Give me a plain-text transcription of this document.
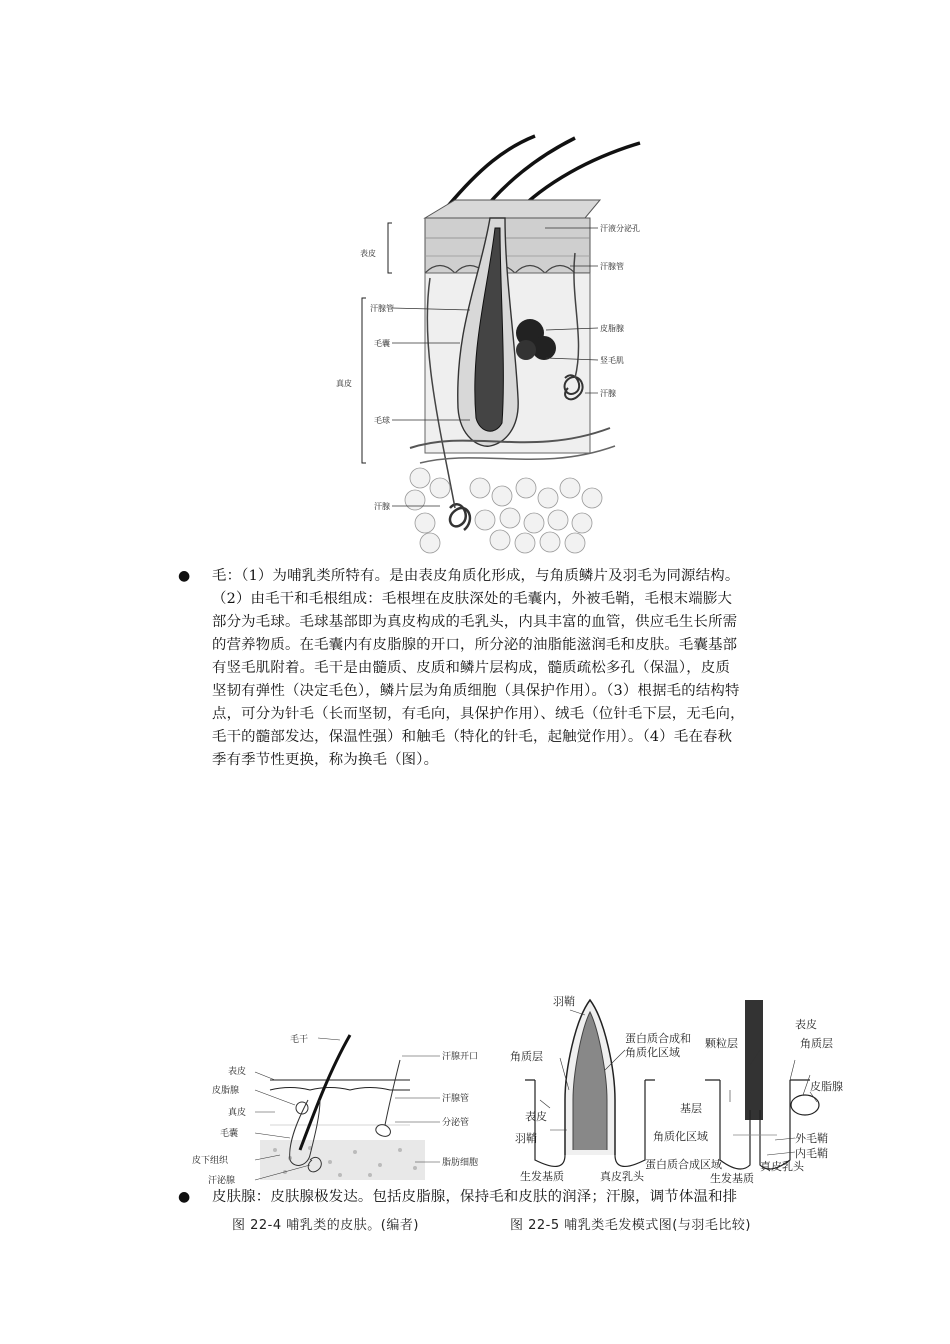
汗液分泌孔
表皮
汗腺管
汗腺管
皮脂腺
毛囊
竖毛肌
真皮
汗腺
毛球
汗腺
●	毛：（1）为哺乳类所特有。是由表皮角质化形成，与角质鳞片及羽毛为同源结构。
（2）由毛干和毛根组成：毛根埋在皮肤深处的毛囊内，外被毛鞘，毛根末端膨大
部分为毛球。毛球基部即为真皮构成的毛乳头，内具丰富的血管，供应毛生长所需
的营养物质。在毛囊内有皮脂腺的开口，所分泌的油脂能滋润毛和皮肤。毛囊基部
有竖毛肌附着。毛干是由髓质、皮质和鳞片层构成，髓质疏松多孔（保温），皮质
坚韧有弹性（决定毛色），鳞片层为角质细胞（具保护作用）。（3）根据毛的结构特
点，可分为针毛（长而坚韧，有毛向，具保护作用）、绒毛（位针毛下层，无毛向，
毛干的髓部发达，保温性强）和触毛（特化的针毛，起触觉作用）。（4）毛在春秋
季有季节性更换，称为换毛（图）。
毛干
表皮
皮脂腺
真皮
毛囊
皮下组织
汗泌腺
汗腺开口
汗腺管
分泌管
脂肪细胞
图 22-4 哺乳类的皮肤。(编者)
羽鞘
角质层
蛋白质合成和
角质化区域
表皮
羽鞘
生发基质	真皮乳头
颗粒层
基层
角质化区域
蛋白质合成区域
表皮
角质层
皮脂腺
外毛鞘
内毛鞘
生发基质
真皮乳头
图 22-5 哺乳类毛发模式图(与羽毛比较)
●	皮肤腺：皮肤腺极发达。包括皮脂腺，保持毛和皮肤的润泽；汗腺，调节体温和排
